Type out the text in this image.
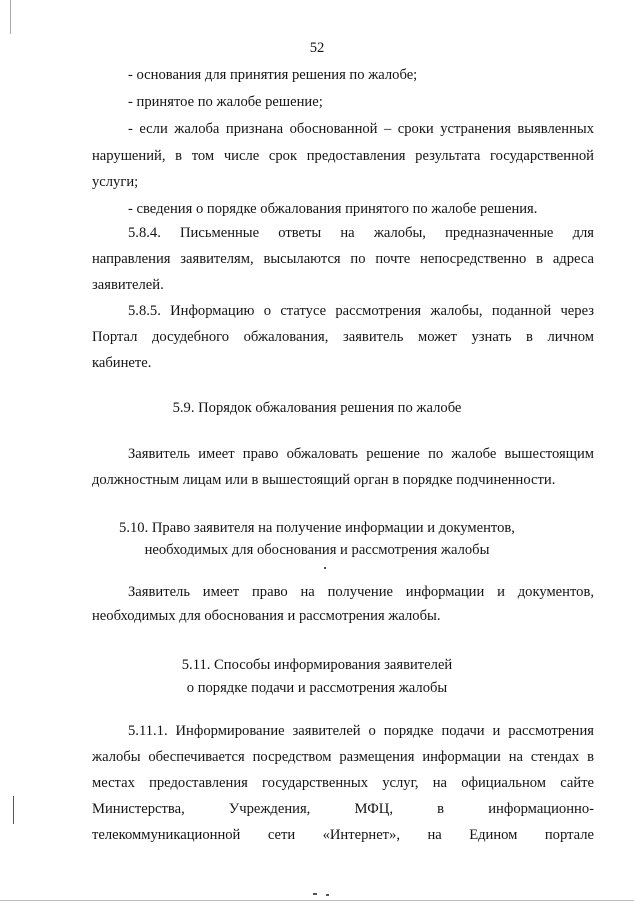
52
- основания для принятия решения по жалобе;
- принятое по жалобе решение;
- если жалоба признана обоснованной – сроки устранения выявленных
нарушений, в том числе срок предоставления результата государственной
услуги;
- сведения о порядке обжалования принятого по жалобе решения.
5.8.4. Письменные ответы на жалобы, предназначенные для
направления заявителям, высылаются по почте непосредственно в адреса
заявителей.
5.8.5. Информацию о статусе рассмотрения жалобы, поданной через
Портал досудебного обжалования, заявитель может узнать в личном
кабинете.
5.9. Порядок обжалования решения по жалобе
Заявитель имеет право обжаловать решение по жалобе вышестоящим
должностным лицам или в вышестоящий орган в порядке подчиненности.
5.10. Право заявителя на получение информации и документов,
необходимых для обоснования и рассмотрения жалобы
Заявитель имеет право на получение информации и документов,
необходимых для обоснования и рассмотрения жалобы.
5.11. Способы информирования заявителей
о порядке подачи и рассмотрения жалобы
5.11.1. Информирование заявителей о порядке подачи и рассмотрения
жалобы обеспечивается посредством размещения информации на стендах в
местах предоставления государственных услуг, на официальном сайте
Министерства, Учреждения, МФЦ, в информационно-
телекоммуникационной сети «Интернет», на Едином портале
